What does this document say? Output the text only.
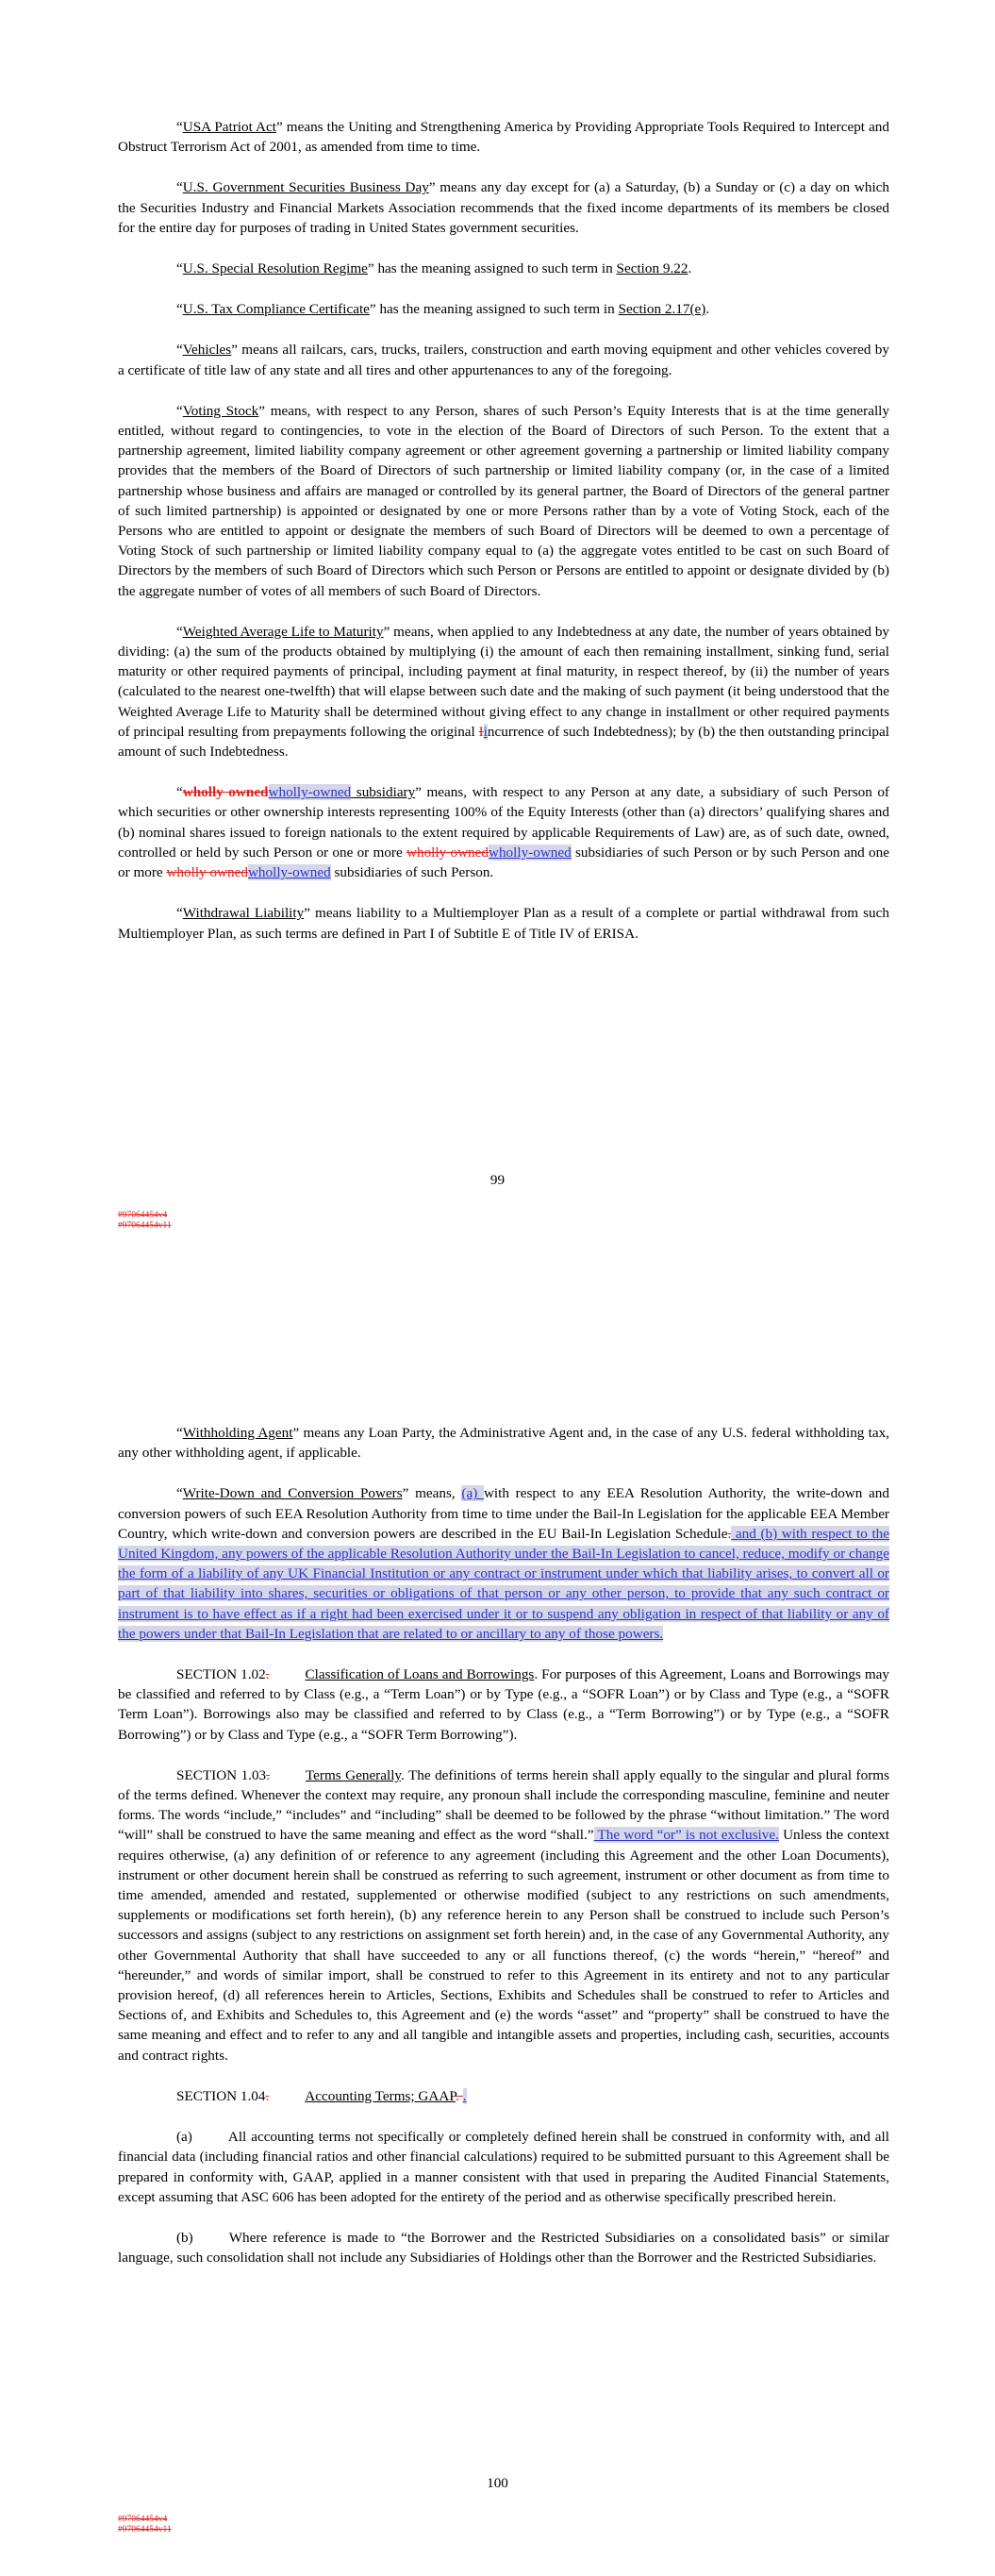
“USA Patriot Act” means the Uniting and Strengthening America by Providing Appropriate Tools Required to Intercept and Obstruct Terrorism Act of 2001, as amended from time to time.

“U.S. Government Securities Business Day” means any day except for (a) a Saturday, (b) a Sunday or (c) a day on which the Securities Industry and Financial Markets Association recommends that the fixed income departments of its members be closed for the entire day for purposes of trading in United States government securities.

“U.S. Special Resolution Regime” has the meaning assigned to such term in Section 9.22.

“U.S. Tax Compliance Certificate” has the meaning assigned to such term in Section 2.17(e).

“Vehicles” means all railcars, cars, trucks, trailers, construction and earth moving equipment and other vehicles covered by a certificate of title law of any state and all tires and other appurtenances to any of the foregoing.

“Voting Stock” means, with respect to any Person, shares of such Person’s Equity Interests that is at the time generally entitled, without regard to contingencies, to vote in the election of the Board of Directors of such Person. To the extent that a partnership agreement, limited liability company agreement or other agreement governing a partnership or limited liability company provides that the members of the Board of Directors of such partnership or limited liability company (or, in the case of a limited partnership whose business and affairs are managed or controlled by its general partner, the Board of Directors of the general partner of such limited partnership) is appointed or designated by one or more Persons rather than by a vote of Voting Stock, each of the Persons who are entitled to appoint or designate the members of such Board of Directors will be deemed to own a percentage of Voting Stock of such partnership or limited liability company equal to (a) the aggregate votes entitled to be cast on such Board of Directors by the members of such Board of Directors which such Person or Persons are entitled to appoint or designate divided by (b) the aggregate number of votes of all members of such Board of Directors.

“Weighted Average Life to Maturity” means, when applied to any Indebtedness at any date, the number of years obtained by dividing: (a) the sum of the products obtained by multiplying (i) the amount of each then remaining installment, sinking fund, serial maturity or other required payments of principal, including payment at final maturity, in respect thereof, by (ii) the number of years (calculated to the nearest one-twelfth) that will elapse between such date and the making of such payment (it being understood that the Weighted Average Life to Maturity shall be determined without giving effect to any change in installment or other required payments of principal resulting from prepayments following the original Iincurrence of such Indebtedness); by (b) the then outstanding principal amount of such Indebtedness.

“wholly ownedwholly-owned subsidiary” means, with respect to any Person at any date, a subsidiary of such Person of which securities or other ownership interests representing 100% of the Equity Interests (other than (a) directors’ qualifying shares and (b) nominal shares issued to foreign nationals to the extent required by applicable Requirements of Law) are, as of such date, owned, controlled or held by such Person or one or more wholly ownedwholly-owned subsidiaries of such Person or by such Person and one or more wholly ownedwholly-owned subsidiaries of such Person.

“Withdrawal Liability” means liability to a Multiemployer Plan as a result of a complete or partial withdrawal from such Multiemployer Plan, as such terms are defined in Part I of Subtitle E of Title IV of ERISA.

99
#97064454v4
#97064454v11

“Withholding Agent” means any Loan Party, the Administrative Agent and, in the case of any U.S. federal withholding tax, any other withholding agent, if applicable.

“Write-Down and Conversion Powers” means, (a) with respect to any EEA Resolution Authority, the write-down and conversion powers of such EEA Resolution Authority from time to time under the Bail-In Legislation for the applicable EEA Member Country, which write-down and conversion powers are described in the EU Bail-In Legislation Schedule. and (b) with respect to the United Kingdom, any powers of the applicable Resolution Authority under the Bail-In Legislation to cancel, reduce, modify or change the form of a liability of any UK Financial Institution or any contract or instrument under which that liability arises, to convert all or part of that liability into shares, securities or obligations of that person or any other person, to provide that any such contract or instrument is to have effect as if a right had been exercised under it or to suspend any obligation in respect of that liability or any of the powers under that Bail-In Legislation that are related to or ancillary to any of those powers.

SECTION 1.02.	Classification of Loans and Borrowings. For purposes of this Agreement, Loans and Borrowings may be classified and referred to by Class (e.g., a “Term Loan”) or by Type (e.g., a “SOFR Loan”) or by Class and Type (e.g., a “SOFR Term Loan”). Borrowings also may be classified and referred to by Class (e.g., a “Term Borrowing”) or by Type (e.g., a “SOFR Borrowing”) or by Class and Type (e.g., a “SOFR Term Borrowing”).

SECTION 1.03.	Terms Generally. The definitions of terms herein shall apply equally to the singular and plural forms of the terms defined. Whenever the context may require, any pronoun shall include the corresponding masculine, feminine and neuter forms. The words “include,” “includes” and “including” shall be deemed to be followed by the phrase “without limitation.” The word “will” shall be construed to have the same meaning and effect as the word “shall.” The word “or” is not exclusive. Unless the context requires otherwise, (a) any definition of or reference to any agreement (including this Agreement and the other Loan Documents), instrument or other document herein shall be construed as referring to such agreement, instrument or other document as from time to time amended, amended and restated, supplemented or otherwise modified (subject to any restrictions on such amendments, supplements or modifications set forth herein), (b) any reference herein to any Person shall be construed to include such Person’s successors and assigns (subject to any restrictions on assignment set forth herein) and, in the case of any Governmental Authority, any other Governmental Authority that shall have succeeded to any or all functions thereof, (c) the words “herein,” “hereof” and “hereunder,” and words of similar import, shall be construed to refer to this Agreement in its entirety and not to any particular provision hereof, (d) all references herein to Articles, Sections, Exhibits and Schedules shall be construed to refer to Articles and Sections of, and Exhibits and Schedules to, this Agreement and (e) the words “asset” and “property” shall be construed to have the same meaning and effect and to refer to any and all tangible and intangible assets and properties, including cash, securities, accounts and contract rights.

SECTION 1.04.	Accounting Terms; GAAP. .

(a)	All accounting terms not specifically or completely defined herein shall be construed in conformity with, and all financial data (including financial ratios and other financial calculations) required to be submitted pursuant to this Agreement shall be prepared in conformity with, GAAP, applied in a manner consistent with that used in preparing the Audited Financial Statements, except assuming that ASC 606 has been adopted for the entirety of the period and as otherwise specifically prescribed herein.

(b)	Where reference is made to “the Borrower and the Restricted Subsidiaries on a consolidated basis” or similar language, such consolidation shall not include any Subsidiaries of Holdings other than the Borrower and the Restricted Subsidiaries.

100
#97064454v4
#97064454v11
